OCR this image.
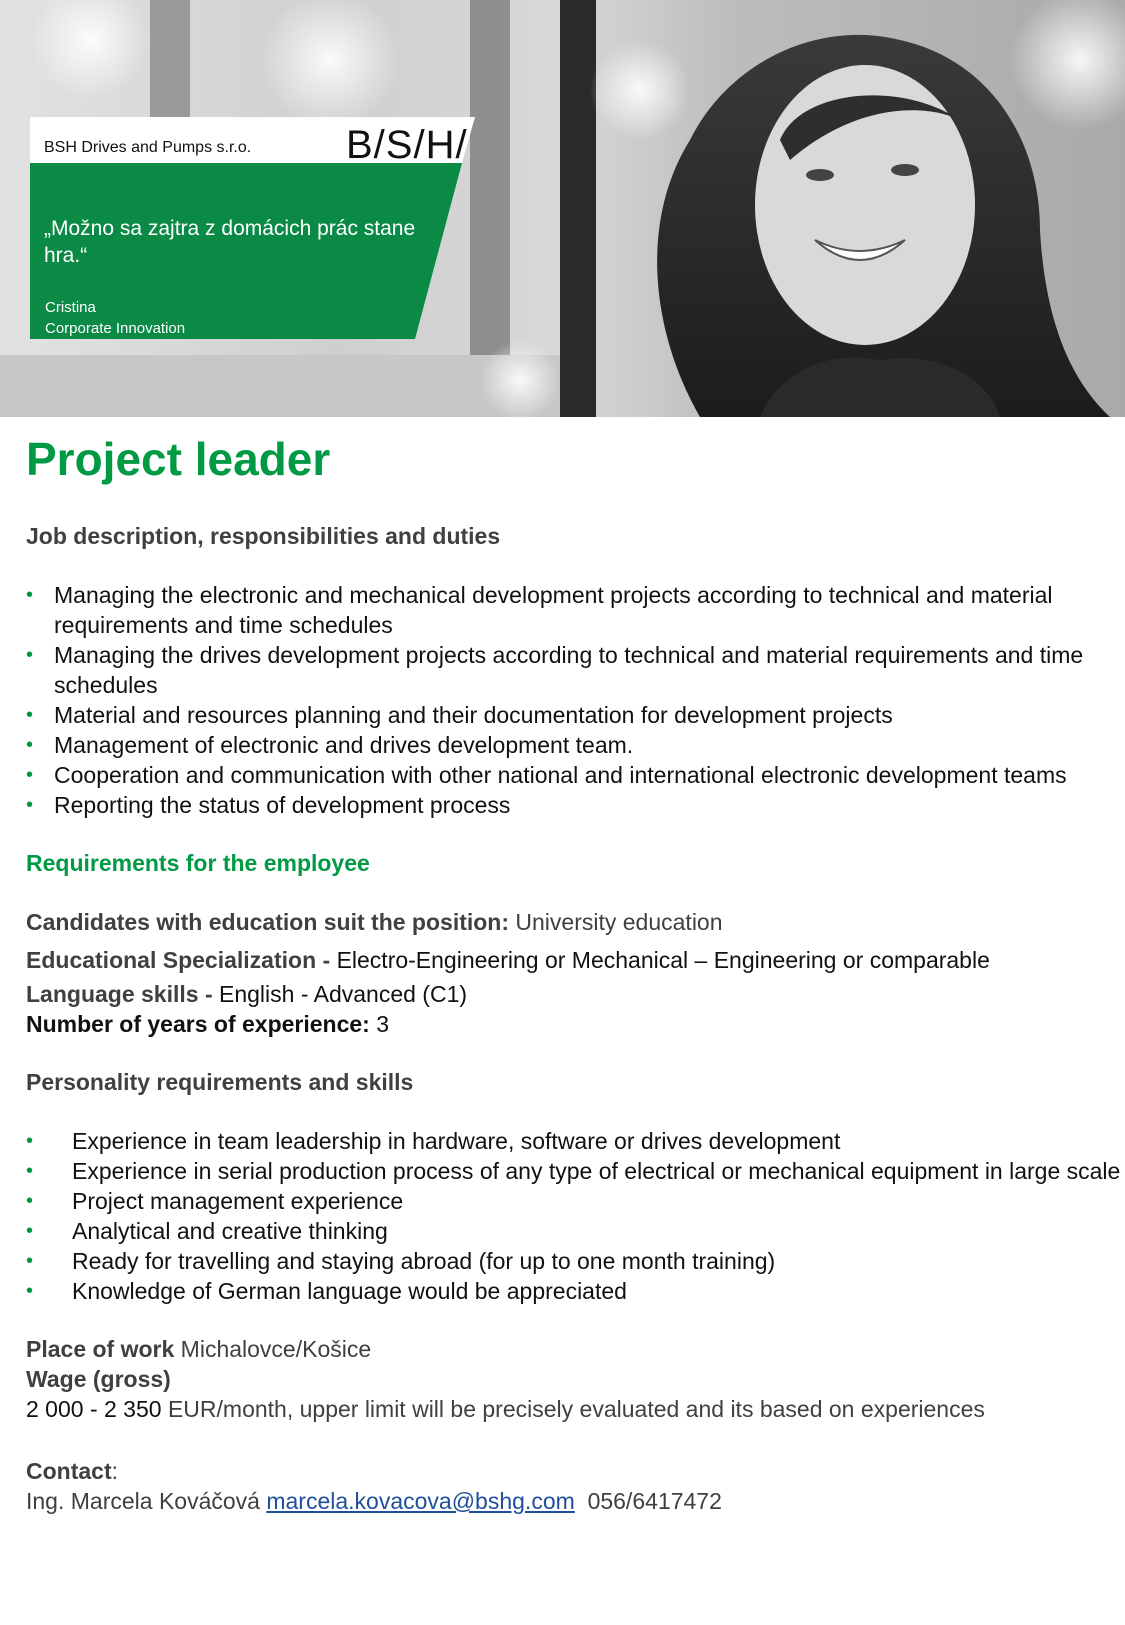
BSH Drives and Pumps s.r.o. B/S/H/
„Možno sa zajtra z domácich prác stane hra.“
Cristina
Corporate Innovation
Project leader
Job description, responsibilities and duties
• Managing the electronic and mechanical development projects according to technical and material requirements and time schedules
• Managing the drives development projects according to technical and material requirements and time schedules
• Material and resources planning and their documentation for development projects
• Management of electronic and drives development team.
• Cooperation and communication with other national and international electronic development teams
• Reporting the status of development process
Requirements for the employee
Candidates with education suit the position: University education
Educational Specialization - Electro-Engineering or Mechanical – Engineering or comparable
Language skills - English - Advanced (C1)
Number of years of experience: 3
Personality requirements and skills
• Experience in team leadership in hardware, software or drives development
• Experience in serial production process of any type of electrical or mechanical equipment in large scale
• Project management experience
• Analytical and creative thinking
• Ready for travelling and staying abroad (for up to one month training)
• Knowledge of German language would be appreciated
Place of work Michalovce/Košice
Wage (gross)
2 000 - 2 350 EUR/month, upper limit will be precisely evaluated and its based on experiences
Contact:
Ing. Marcela Kováčová marcela.kovacova@bshg.com 056/6417472
